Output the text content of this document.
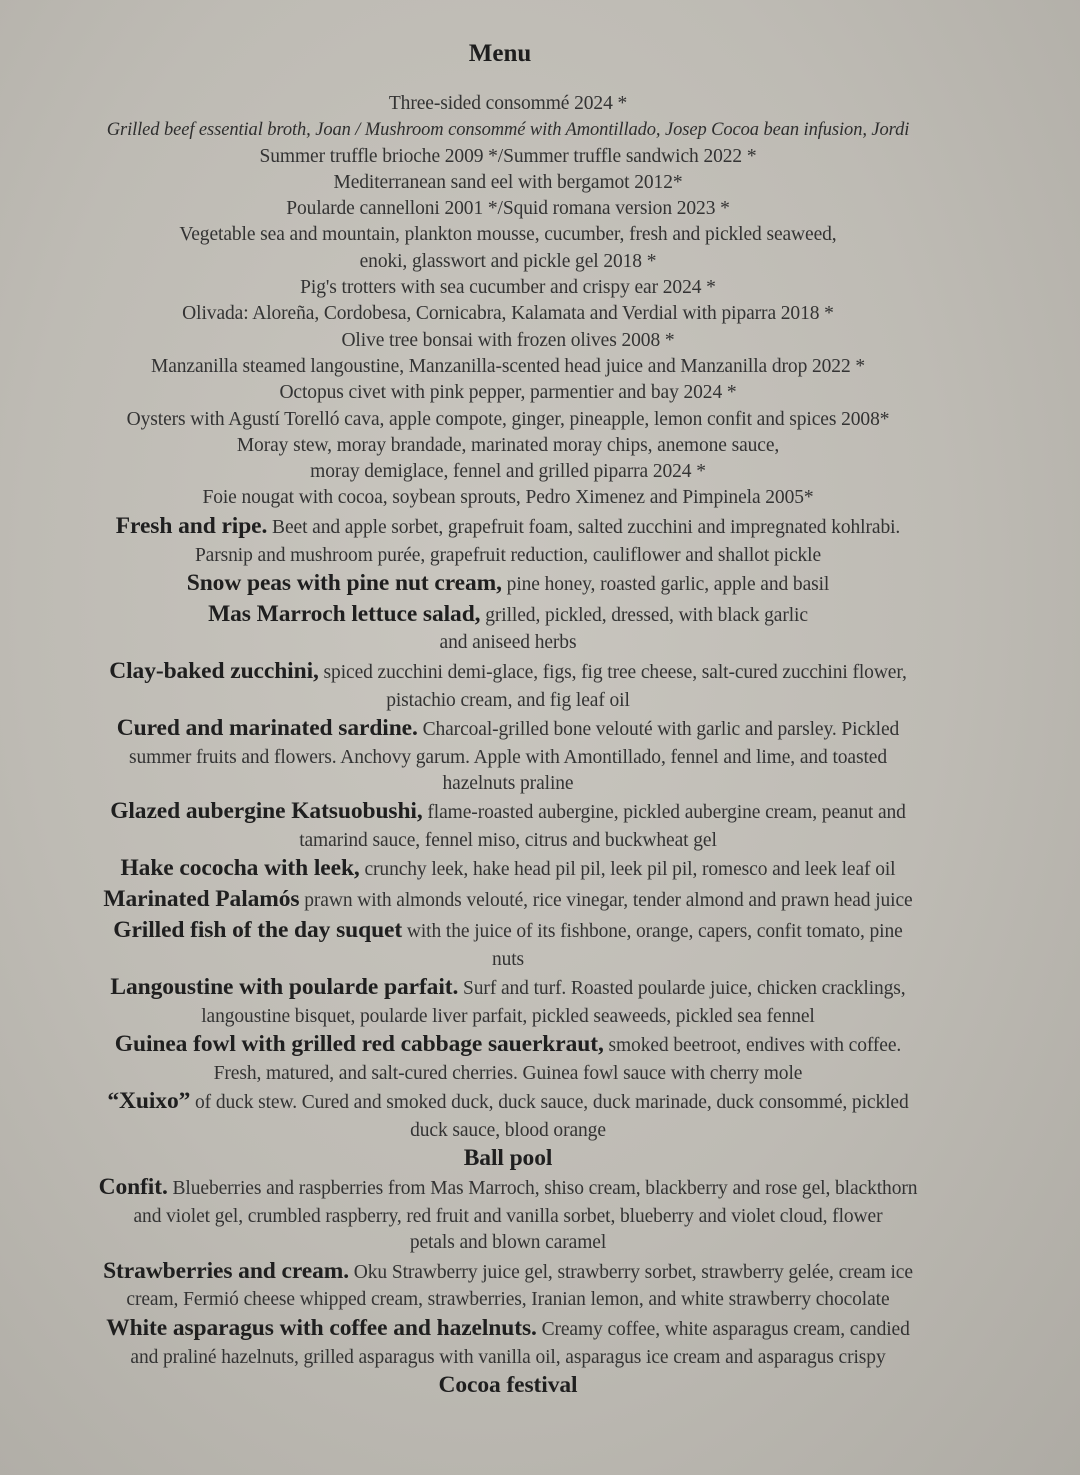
Menu
Three-sided consommé 2024 *
Grilled beef essential broth, Joan / Mushroom consommé with Amontillado, Josep Cocoa bean infusion, Jordi
Summer truffle brioche 2009 */Summer truffle sandwich 2022 *
Mediterranean sand eel with bergamot 2012*
Poularde cannelloni 2001 */Squid romana version 2023 *
Vegetable sea and mountain, plankton mousse, cucumber, fresh and pickled seaweed,
enoki, glasswort and pickle gel 2018 *
Pig's trotters with sea cucumber and crispy ear 2024 *
Olivada: Aloreña, Cordobesa, Cornicabra, Kalamata and Verdial with piparra 2018 *
Olive tree bonsai with frozen olives 2008 *
Manzanilla steamed langoustine, Manzanilla-scented head juice and Manzanilla drop 2022 *
Octopus civet with pink pepper, parmentier and bay 2024 *
Oysters with Agustí Torelló cava, apple compote, ginger, pineapple, lemon confit and spices 2008*
Moray stew, moray brandade, marinated moray chips, anemone sauce,
moray demiglace, fennel and grilled piparra 2024 *
Foie nougat with cocoa, soybean sprouts, Pedro Ximenez and Pimpinela 2005*
Fresh and ripe. Beet and apple sorbet, grapefruit foam, salted zucchini and impregnated kohlrabi.
Parsnip and mushroom purée, grapefruit reduction, cauliflower and shallot pickle
Snow peas with pine nut cream, pine honey, roasted garlic, apple and basil
Mas Marroch lettuce salad, grilled, pickled, dressed, with black garlic
and aniseed herbs
Clay-baked zucchini, spiced zucchini demi-glace, figs, fig tree cheese, salt-cured zucchini flower,
pistachio cream, and fig leaf oil
Cured and marinated sardine. Charcoal-grilled bone velouté with garlic and parsley. Pickled
summer fruits and flowers. Anchovy garum. Apple with Amontillado, fennel and lime, and toasted
hazelnuts praline
Glazed aubergine Katsuobushi, flame-roasted aubergine, pickled aubergine cream, peanut and
tamarind sauce, fennel miso, citrus and buckwheat gel
Hake cococha with leek, crunchy leek, hake head pil pil, leek pil pil, romesco and leek leaf oil
Marinated Palamós prawn with almonds velouté, rice vinegar, tender almond and prawn head juice
Grilled fish of the day suquet with the juice of its fishbone, orange, capers, confit tomato, pine
nuts
Langoustine with poularde parfait. Surf and turf. Roasted poularde juice, chicken cracklings,
langoustine bisquet, poularde liver parfait, pickled seaweeds, pickled sea fennel
Guinea fowl with grilled red cabbage sauerkraut, smoked beetroot, endives with coffee.
Fresh, matured, and salt-cured cherries. Guinea fowl sauce with cherry mole
“Xuixo” of duck stew. Cured and smoked duck, duck sauce, duck marinade, duck consommé, pickled
duck sauce, blood orange
Ball pool
Confit. Blueberries and raspberries from Mas Marroch, shiso cream, blackberry and rose gel, blackthorn
and violet gel, crumbled raspberry, red fruit and vanilla sorbet, blueberry and violet cloud, flower
petals and blown caramel
Strawberries and cream. Oku Strawberry juice gel, strawberry sorbet, strawberry gelée, cream ice
cream, Fermió cheese whipped cream, strawberries, Iranian lemon, and white strawberry chocolate
White asparagus with coffee and hazelnuts. Creamy coffee, white asparagus cream, candied
and praliné hazelnuts, grilled asparagus with vanilla oil, asparagus ice cream and asparagus crispy
Cocoa festival
